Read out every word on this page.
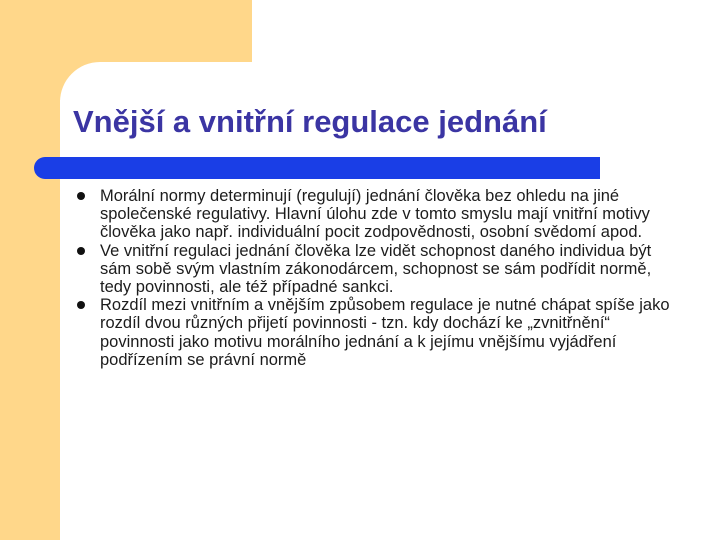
Vnější a vnitřní regulace jednání
Morální normy determinují (regulují) jednání člověka bez ohledu na jiné společenské regulativy. Hlavní úlohu zde v tomto smyslu mají vnitřní motivy člověka jako např. individuální pocit zodpovědnosti, osobní svědomí apod.
Ve vnitřní regulaci jednání člověka lze vidět schopnost daného individua být sám sobě svým vlastním zákonodárcem, schopnost se sám podřídit normě, tedy povinnosti, ale též případné sankci.
Rozdíl mezi vnitřním a vnějším způsobem regulace je nutné chápat spíše jako rozdíl dvou různých přijetí povinnosti - tzn. kdy dochází ke „zvnitřnění“ povinnosti jako motivu morálního jednání a k jejímu vnějšímu vyjádření podřízením se právní normě
